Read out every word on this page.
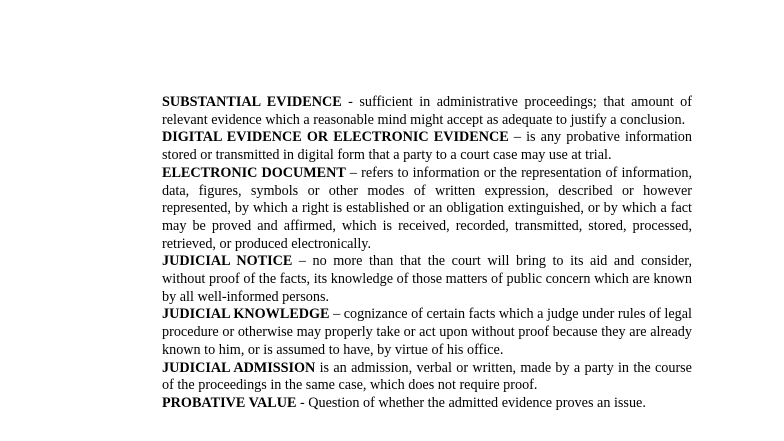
SUBSTANTIAL EVIDENCE - sufficient in administrative proceedings; that amount of relevant evidence which a reasonable mind might accept as adequate to justify a conclusion.

DIGITAL EVIDENCE OR ELECTRONIC EVIDENCE – is any probative information stored or transmitted in digital form that a party to a court case may use at trial.

ELECTRONIC DOCUMENT – refers to information or the representation of information, data, figures, symbols or other modes of written expression, described or however represented, by which a right is established or an obligation extinguished, or by which a fact may be proved and affirmed, which is received, recorded, transmitted, stored, processed, retrieved, or produced electronically.

JUDICIAL NOTICE – no more than that the court will bring to its aid and consider, without proof of the facts, its knowledge of those matters of public concern which are known by all well-informed persons.

JUDICIAL KNOWLEDGE – cognizance of certain facts which a judge under rules of legal procedure or otherwise may properly take or act upon without proof because they are already known to him, or is assumed to have, by virtue of his office.

JUDICIAL ADMISSION is an admission, verbal or written, made by a party in the course of the proceedings in the same case, which does not require proof.

PROBATIVE VALUE - Question of whether the admitted evidence proves an issue.
